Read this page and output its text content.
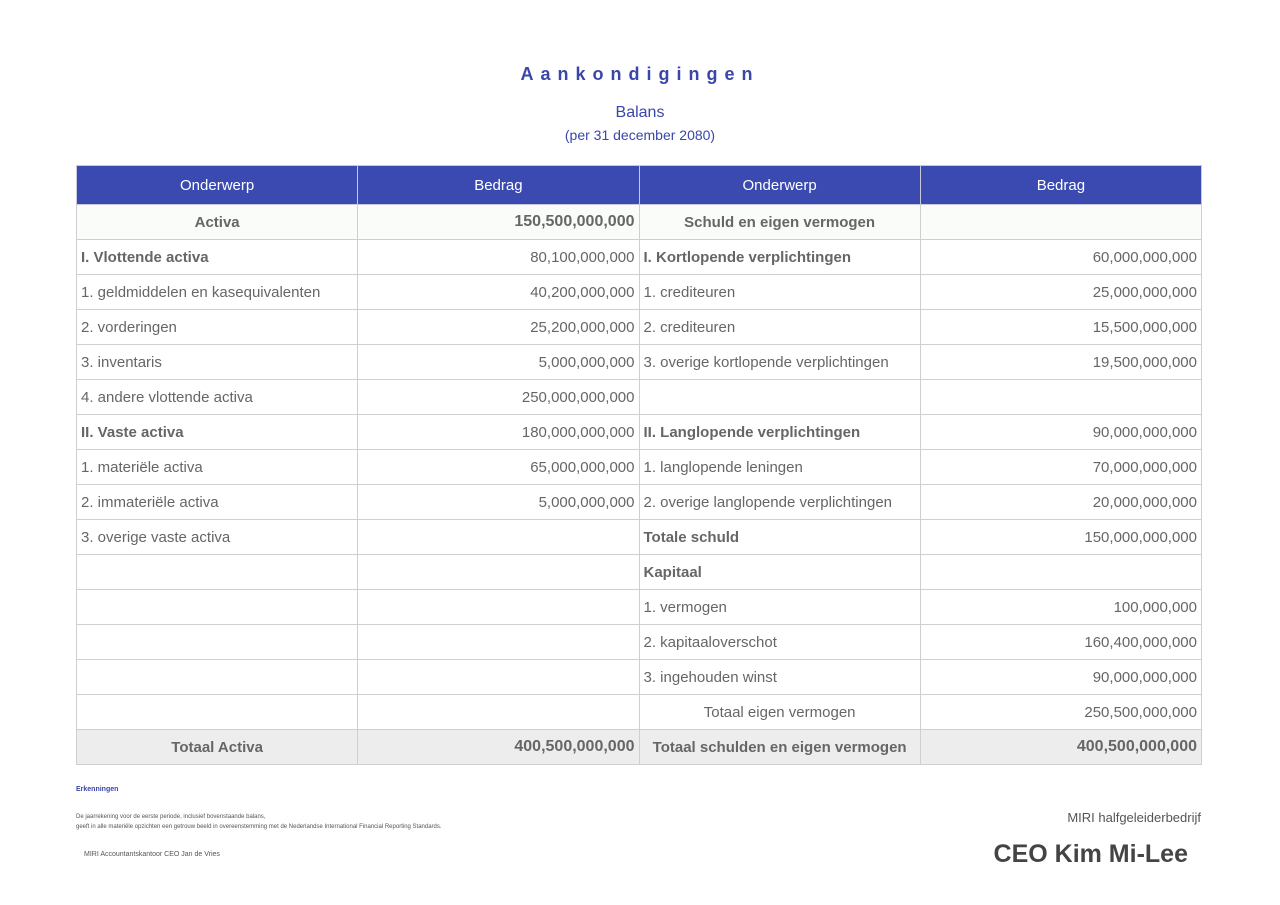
Aankondigingen
Balans
(per 31 december 2080)
Onderwerp	Bedrag	Onderwerp	Bedrag
Activa	150,500,000,000	Schuld en eigen vermogen	
I. Vlottende activa	80,100,000,000	I. Kortlopende verplichtingen	60,000,000,000
1. geldmiddelen en kasequivalenten	40,200,000,000	1. crediteuren	25,000,000,000
2. vorderingen	25,200,000,000	2. crediteuren	15,500,000,000
3. inventaris	5,000,000,000	3. overige kortlopende verplichtingen	19,500,000,000
4. andere vlottende activa	250,000,000,000		
II. Vaste activa	180,000,000,000	II. Langlopende verplichtingen	90,000,000,000
1. materiële activa	65,000,000,000	1. langlopende leningen	70,000,000,000
2. immateriële activa	5,000,000,000	2. overige langlopende verplichtingen	20,000,000,000
3. overige vaste activa		Totale schuld	150,000,000,000
		Kapitaal	
		1. vermogen	100,000,000
		2. kapitaaloverschot	160,400,000,000
		3. ingehouden winst	90,000,000,000
		Totaal eigen vermogen	250,500,000,000
Totaal Activa	400,500,000,000	Totaal schulden en eigen vermogen	400,500,000,000
Erkenningen
De jaarrekening voor de eerste periode, inclusief bovenstaande balans,
geeft in alle materiële opzichten een getrouw beeld in overeenstemming met de Nederlandse International Financial Reporting Standards.
MIRI Accountantskantoor CEO Jan de Vries
MIRI halfgeleiderbedrijf
CEO Kim Mi-Lee
